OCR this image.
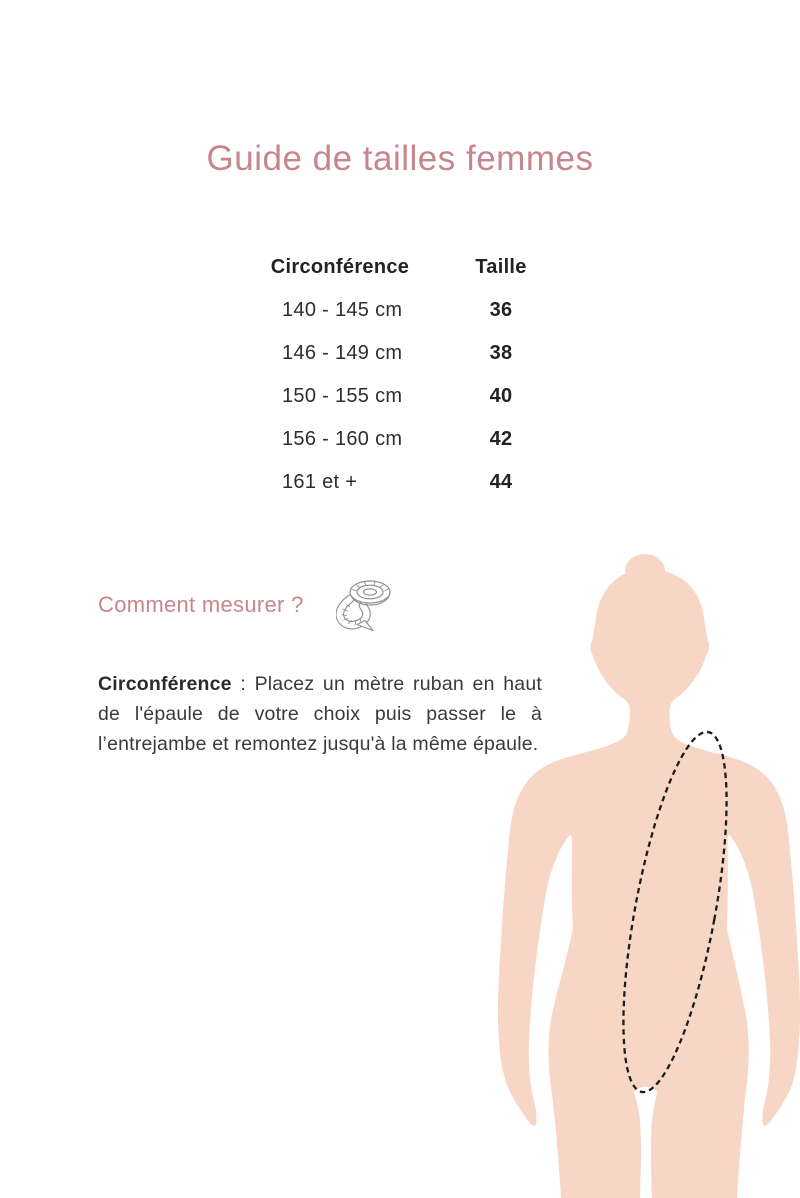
Guide de tailles femmes
Circonférence	Taille
140 - 145 cm	36
146 - 149 cm	38
150 - 155 cm	40
156 - 160 cm	42
161 et +	44
Comment mesurer ?

Circonférence : Placez un mètre ruban en haut de l'épaule de votre choix puis passer le à l’entrejambe et remontez jusqu'à la même épaule.
